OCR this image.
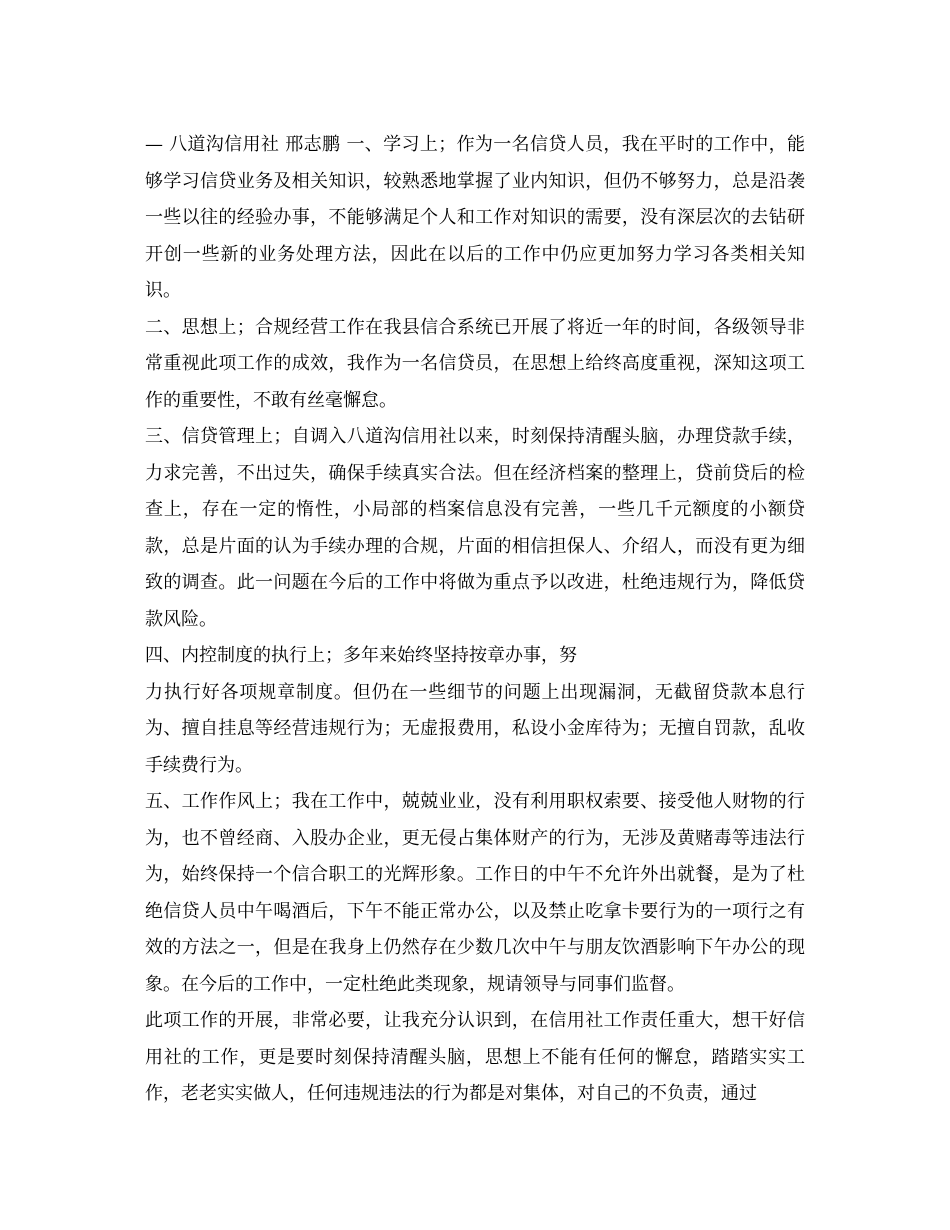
— 八道沟信用社 邢志鹏 一、学习上；作为一名信贷人员，我在平时的工作中，能够学习信贷业务及相关知识，较熟悉地掌握了业内知识，但仍不够努力，总是沿袭一些以往的经验办事，不能够满足个人和工作对知识的需要，没有深层次的去钻研开创一些新的业务处理方法，因此在以后的工作中仍应更加努力学习各类相关知识。

二、思想上；合规经营工作在我县信合系统已开展了将近一年的时间，各级领导非常重视此项工作的成效，我作为一名信贷员，在思想上给终高度重视，深知这项工作的重要性，不敢有丝毫懈怠。

三、信贷管理上；自调入八道沟信用社以来，时刻保持清醒头脑，办理贷款手续，力求完善，不出过失，确保手续真实合法。但在经济档案的整理上，贷前贷后的检查上，存在一定的惰性，小局部的档案信息没有完善，一些几千元额度的小额贷款，总是片面的认为手续办理的合规，片面的相信担保人、介绍人，而没有更为细致的调查。此一问题在今后的工作中将做为重点予以改进，杜绝违规行为，降低贷款风险。

四、内控制度的执行上；多年来始终坚持按章办事，努

力执行好各项规章制度。但仍在一些细节的问题上出现漏洞，无截留贷款本息行为、擅自挂息等经营违规行为；无虚报费用，私设小金库待为；无擅自罚款，乱收手续费行为。

五、工作作风上；我在工作中，兢兢业业，没有利用职权索要、接受他人财物的行为，也不曾经商、入股办企业，更无侵占集体财产的行为，无涉及黄赌毒等违法行为，始终保持一个信合职工的光辉形象。工作日的中午不允许外出就餐，是为了杜绝信贷人员中午喝酒后，下午不能正常办公，以及禁止吃拿卡要行为的一项行之有效的方法之一，但是在我身上仍然存在少数几次中午与朋友饮酒影响下午办公的现象。在今后的工作中，一定杜绝此类现象，规请领导与同事们监督。

此项工作的开展，非常必要，让我充分认识到，在信用社工作责任重大，想干好信用社的工作，更是要时刻保持清醒头脑，思想上不能有任何的懈怠，踏踏实实工作，老老实实做人，任何违规违法的行为都是对集体，对自己的不负责，通过
